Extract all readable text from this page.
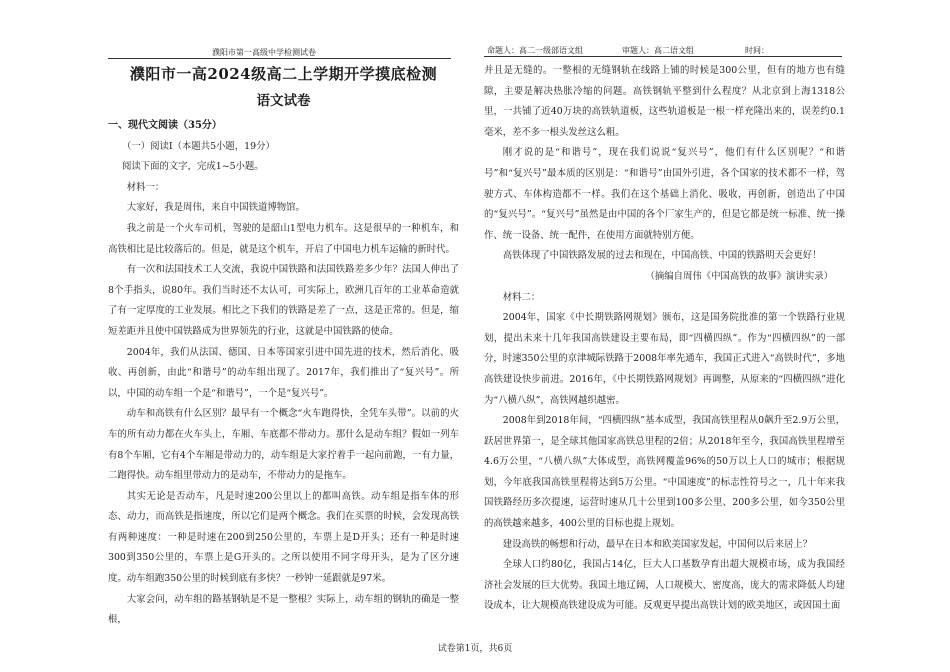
濮阳市第一高级中学检测试卷	命题人：高二一级部语文组	审题人：高二语文组	时间：
濮阳市一高2024级高二上学期开学摸底检测
语文试卷

一、现代文阅读（35分）

（一）阅读Ⅰ（本题共5小题，19分）

阅读下面的文字，完成1~5小题。

材料一：

大家好，我是周伟，来自中国铁道博物馆。

我之前是一个火车司机，驾驶的是韶山1型电力机车。这是很早的一种机车，和高铁相比是比较落后的。但是，就是这个机车，开启了中国电力机车运输的新时代。

有一次和法国技术工人交流，我说中国铁路和法国铁路差多少年？法国人伸出了8个手指头，说80年。我们当时还不太认可，可实际上，欧洲几百年的工业革命造就了有一定厚度的工业发展。相比之下我们的铁路是差了一点，这是正常的。但是，缩短差距并且使中国铁路成为世界领先的行业，这就是中国铁路的使命。

2004年，我们从法国、德国、日本等国家引进中国先进的技术，然后消化、吸收、再创新，由此“和谐号”的动车组出现了。2017年，我们推出了“复兴号”。所以，中国的动车组一个是“和谐号”，一个是“复兴号”。

动车和高铁有什么区别？最早有一个概念“火车跑得快，全凭车头带”。以前的火车的所有动力都在火车头上，车厢、车底都不带动力。那什么是动车组？假如一列车有8个车厢，它有4个车厢是带动力的，动车组是大家拧着手一起向前跑，一有力量，二跑得快。动车组里带动力的是动车，不带动力的是拖车。

其实无论是否动车，凡是时速200公里以上的都叫高铁。动车组是指车体的形态、动力，而高铁是指速度，所以它们是两个概念。我们在买票的时候，会发现高铁有两种速度：一种是时速在200到250公里的，车票上是D开头；还有一种是时速300到350公里的，车票上是G开头的。之所以使用不同字母开头，是为了区分速度。动车组跑350公里的时候到底有多快？一秒钟一延跟就是97米。

大家会问，动车组的路基钢轨是不是一整根？实际上，动车组的钢轨的确是一整根，

并且是无缝的。一整根的无缝钢轨在线路上铺的时候是300公里，但有的地方也有缝隙，主要是解决热胀冷缩的问题。高铁钢轨平整到什么程度？从北京到上海1318公里，一共铺了近40万块的高铁轨道板，这些轨道板是一根一样充隆出来的，误差约0.1毫米，差不多一根头发丝这么粗。

刚才说的是“和谐号”，现在我们说说“复兴号”，他们有什么区别呢？“和谐号”和“复兴号”最本质的区别是：“和谐号”由国外引进，各个国家的技术都不一样，驾驶方式、车体构造都不一样。我们在这个基础上消化、吸收，再创新，创造出了中国的“复兴号”。“复兴号”虽然是由中国的各个厂家生产的，但是它都是统一标准、统一操作、统一设备、统一配件，在使用方面就特别方便。

高铁体现了中国铁路发展的过去和现在，中国高铁、中国的铁路明天会更好！

（摘编自周伟《中国高铁的故事》演讲实录）

材料二：

2004年，国家《中长期铁路网规划》颁布，这是国务院批准的第一个铁路行业规划，提出未来十几年我国高铁建设主要布局，即“四横四纵”。作为“四横四纵”的一部分，时速350公里的京津城际铁路于2008年率先通车，我国正式进入“高铁时代”，多地高铁建设快步前进。2016年，《中长期铁路网规划》再调整，从原来的“四横四纵”进化为“八横八纵”，高铁网越织越密。

2008年到2018年间，“四横四纵”基本成型，我国高铁里程从0飙升至2.9万公里，跃居世界第一，是全球其他国家高铁总里程的2倍；从2018年至今，我国高铁里程增至4.6万公里，“八横八纵”大体成型，高铁网覆盖96%的50万以上人口的城市；根据规划，今年底我国高铁里程将达到5万公里。“中国速度”的标志性符号之一，几十年来我国铁路经历多次提速，运营时速从几十公里到100多公里、200多公里，如今350公里的高铁越来越多，400公里的目标也提上规划。

建设高铁的畅想和行动，最早在日本和欧美国家发起，中国何以后来居上？

全球人口约80亿，我国占14亿，巨大人口基数孕育出超大规模市场，成为我国经济社会发展的巨大优势。我国土地辽阔，人口规模大、密度高，庞大的需求降低人均建设成本，让大规模高铁建设成为可能。反观更早提出高铁计划的欧美地区，或因国土面

试卷第1页，共6页
